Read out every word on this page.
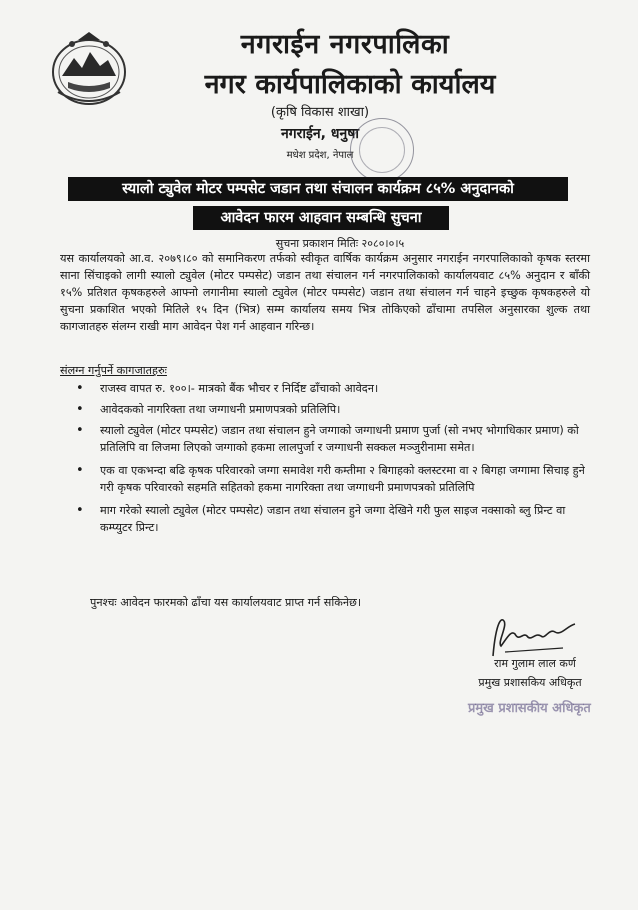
नगराईन नगरपालिका
नगर कार्यपालिकाको कार्यालय
(कृषि विकास शाखा)
नगराईन, धनुषा
मधेश प्रदेश, नेपाल
स्यालो ट्युवेल मोटर पम्पसेट जडान तथा संचालन कार्यक्रम ८५% अनुदानको
आवेदन फारम आहवान सम्बन्धि सुचना
सुचना प्रकाशन मितिः २०८०।०।५
यस कार्यालयको आ.व. २०७९।८० को समानिकरण तर्फको स्वीकृत वार्षिक कार्यक्रम अनुसार नगराईन नगरपालिकाको कृषक स्तरमा साना सिंचाइको लागी स्यालो ट्युवेल (मोटर पम्पसेट) जडान तथा संचालन गर्न नगरपालिकाको कार्यालयवाट ८५% अनुदान र बाँकी १५% प्रतिशत कृषकहरुले आफ्नो लगानीमा स्यालो ट्युवेल (मोटर पम्पसेट) जडान तथा संचालन गर्न चाहने इच्छुक कृषकहरुले यो सुचना प्रकाशित भएको मितिले १५ दिन (भित्र) सम्म कार्यालय समय भित्र तोकिएको ढाँचामा तपसिल अनुसारका शुल्क तथा कागजातहरु संलग्न राखी माग आवेदन पेश गर्न आहवान गरिन्छ।
संलग्न गर्नुपर्ने कागजातहरुः
• राजस्व वापत रु. १००।- मात्रको बैंक भौचर र निर्दिष्ट ढाँचाको आवेदन।
• आवेदकको नागरिक्ता तथा जग्गाधनी प्रमाणपत्रको प्रतिलिपि।
• स्यालो ट्युवेल (मोटर पम्पसेट) जडान तथा संचालन हुने जग्गाको जग्गाधनी प्रमाण पुर्जा (सो नभए भोगाधिकार प्रमाण) को प्रतिलिपि वा लिजमा लिएको जग्गाको हकमा लालपुर्जा र जग्गाधनी सक्कल मञ्जुरीनामा समेत।
• एक वा एकभन्दा बढि कृषक परिवारको जग्गा समावेश गरी कम्तीमा २ बिगाहको क्लस्टरमा वा २ बिगहा जग्गामा सिचाइ हुने गरी कृषक परिवारको सहमति सहितको हकमा नागरिक्ता तथा जग्गाधनी प्रमाणपत्रको प्रतिलिपि
• माग गरेको स्यालो ट्युवेल (मोटर पम्पसेट) जडान तथा संचालन हुने जग्गा देखिने गरी फुल साइज नक्साको ब्लु प्रिन्ट वा कम्प्युटर प्रिन्ट।
पुनश्चः आवेदन फारमको ढाँचा यस कार्यालयवाट प्राप्त गर्न सकिनेछ।
राम गुलाम लाल कर्ण
प्रमुख प्रशासकिय अधिकृत
प्रमुख प्रशासकीय अधिकृत
